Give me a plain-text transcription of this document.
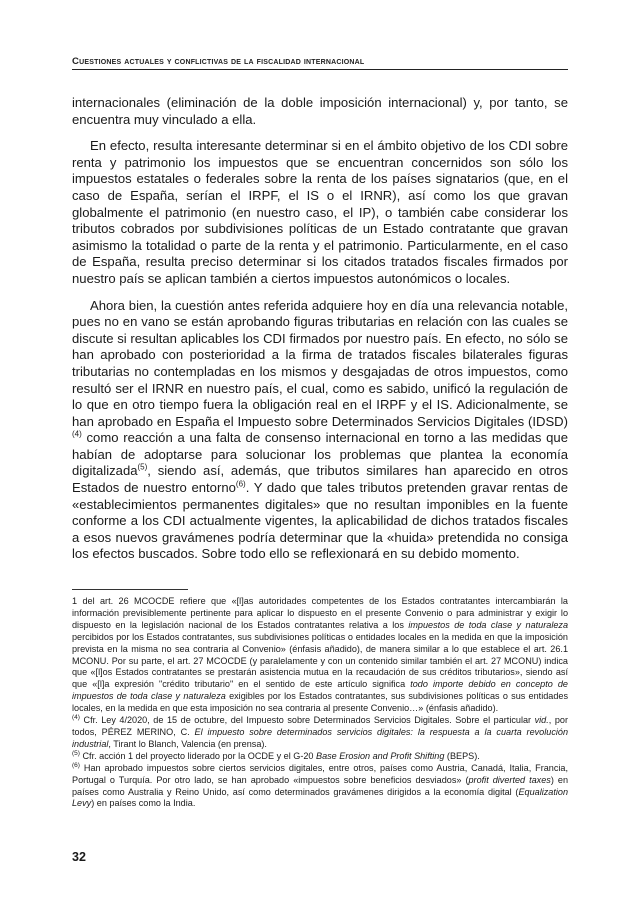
Cuestiones actuales y conflictivas de la fiscalidad internacional

internacionales (eliminación de la doble imposición internacional) y, por tanto, se encuentra muy vinculado a ella.

En efecto, resulta interesante determinar si en el ámbito objetivo de los CDI sobre renta y patrimonio los impuestos que se encuentran concernidos son sólo los impuestos estatales o federales sobre la renta de los países signatarios (que, en el caso de España, serían el IRPF, el IS o el IRNR), así como los que gravan globalmente el patrimonio (en nuestro caso, el IP), o también cabe considerar los tributos cobrados por subdivisiones políticas de un Estado contratante que gravan asimismo la totalidad o parte de la renta y el patrimonio. Particularmente, en el caso de España, resulta preciso determinar si los citados tratados fiscales firmados por nuestro país se aplican también a ciertos impuestos autonómicos o locales.

Ahora bien, la cuestión antes referida adquiere hoy en día una relevancia notable, pues no en vano se están aprobando figuras tributarias en relación con las cuales se discute si resultan aplicables los CDI firmados por nuestro país. En efecto, no sólo se han aprobado con posterioridad a la firma de tratados fiscales bilaterales figuras tributarias no contempladas en los mismos y desgajadas de otros impuestos, como resultó ser el IRNR en nuestro país, el cual, como es sabido, unificó la regulación de lo que en otro tiempo fuera la obligación real en el IRPF y el IS. Adicionalmente, se han aprobado en España el Impuesto sobre Determinados Servicios Digitales (IDSD)$^{(4)}$ como reacción a una falta de consenso internacional en torno a las medidas que habían de adoptarse para solucionar los problemas que plantea la economía digitalizada$^{(5)}$, siendo así, además, que tributos similares han aparecido en otros Estados de nuestro entorno$^{(6)}$. Y dado que tales tributos pretenden gravar rentas de «establecimientos permanentes digitales» que no resultan imponibles en la fuente conforme a los CDI actualmente vigentes, la aplicabilidad de dichos tratados fiscales a esos nuevos gravámenes podría determinar que la «huida» pretendida no consiga los efectos buscados. Sobre todo ello se reflexionará en su debido momento.

1 del art. 26 MCOCDE refiere que «[l]as autoridades competentes de los Estados contratantes intercambiarán la información previsiblemente pertinente para aplicar lo dispuesto en el presente Convenio o para administrar y exigir lo dispuesto en la legislación nacional de los Estados contratantes relativa a los impuestos de toda clase y naturaleza percibidos por los Estados contratantes, sus subdivisiones políticas o entidades locales en la medida en que la imposición prevista en la misma no sea contraria al Convenio» (énfasis añadido), de manera similar a lo que establece el art. 26.1 MCONU. Por su parte, el art. 27 MCOCDE (y paralelamente y con un contenido similar también el art. 27 MCONU) indica que «[l]os Estados contratantes se prestarán asistencia mutua en la recaudación de sus créditos tributarios», siendo así que «[l]a expresión "crédito tributario" en el sentido de este artículo significa todo importe debido en concepto de impuestos de toda clase y naturaleza exigibles por los Estados contratantes, sus subdivisiones políticas o sus entidades locales, en la medida en que esta imposición no sea contraria al presente Convenio…» (énfasis añadido).

$^{(4)}$ Cfr. Ley 4/2020, de 15 de octubre, del Impuesto sobre Determinados Servicios Digitales. Sobre el particular vid., por todos, PÉREZ MERINO, C. El impuesto sobre determinados servicios digitales: la respuesta a la cuarta revolución industrial, Tirant lo Blanch, Valencia (en prensa).

$^{(5)}$ Cfr. acción 1 del proyecto liderado por la OCDE y el G-20 Base Erosion and Profit Shifting (BEPS).

$^{(6)}$ Han aprobado impuestos sobre ciertos servicios digitales, entre otros, países como Austria, Canadá, Italia, Francia, Portugal o Turquía. Por otro lado, se han aprobado «impuestos sobre beneficios desviados» (profit diverted taxes) en países como Australia y Reino Unido, así como determinados gravámenes dirigidos a la economía digital (Equalization Levy) en países como la India.

32
